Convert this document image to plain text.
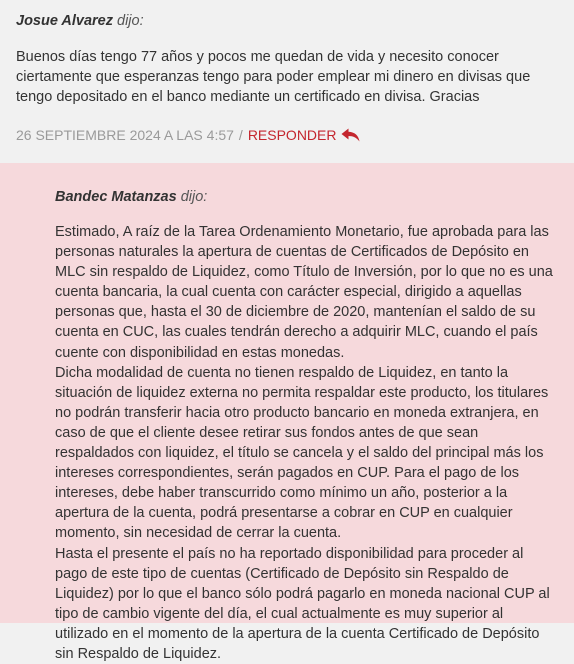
Josue Alvarez dijo:

Buenos días tengo 77 años y pocos me quedan de vida y necesito conocer ciertamente que esperanzas tengo para poder emplear mi dinero en divisas que tengo depositado en el banco mediante un certificado en divisa. Gracias
26 SEPTIEMBRE 2024 A LAS 4:57 / RESPONDER

Bandec Matanzas dijo:

Estimado, A raíz de la Tarea Ordenamiento Monetario, fue aprobada para las personas naturales la apertura de cuentas de Certificados de Depósito en MLC sin respaldo de Liquidez, como Título de Inversión, por lo que no es una cuenta bancaria, la cual cuenta con carácter especial, dirigido a aquellas personas que, hasta el 30 de diciembre de 2020, mantenían el saldo de su cuenta en CUC, las cuales tendrán derecho a adquirir MLC, cuando el país cuente con disponibilidad en estas monedas.

Dicha modalidad de cuenta no tienen respaldo de Liquidez, en tanto la situación de liquidez externa no permita respaldar este producto, los titulares no podrán transferir hacia otro producto bancario en moneda extranjera, en caso de que el cliente desee retirar sus fondos antes de que sean respaldados con liquidez, el título se cancela y el saldo del principal más los intereses correspondientes, serán pagados en CUP. Para el pago de los intereses, debe haber transcurrido como mínimo un año, posterior a la apertura de la cuenta, podrá presentarse a cobrar en CUP en cualquier momento, sin necesidad de cerrar la cuenta.

Hasta el presente el país no ha reportado disponibilidad para proceder al pago de este tipo de cuentas (Certificado de Depósito sin Respaldo de Liquidez) por lo que el banco sólo podrá pagarlo en moneda nacional CUP al tipo de cambio vigente del día, el cual actualmente es muy superior al utilizado en el momento de la apertura de la cuenta Certificado de Depósito sin Respaldo de Liquidez.
